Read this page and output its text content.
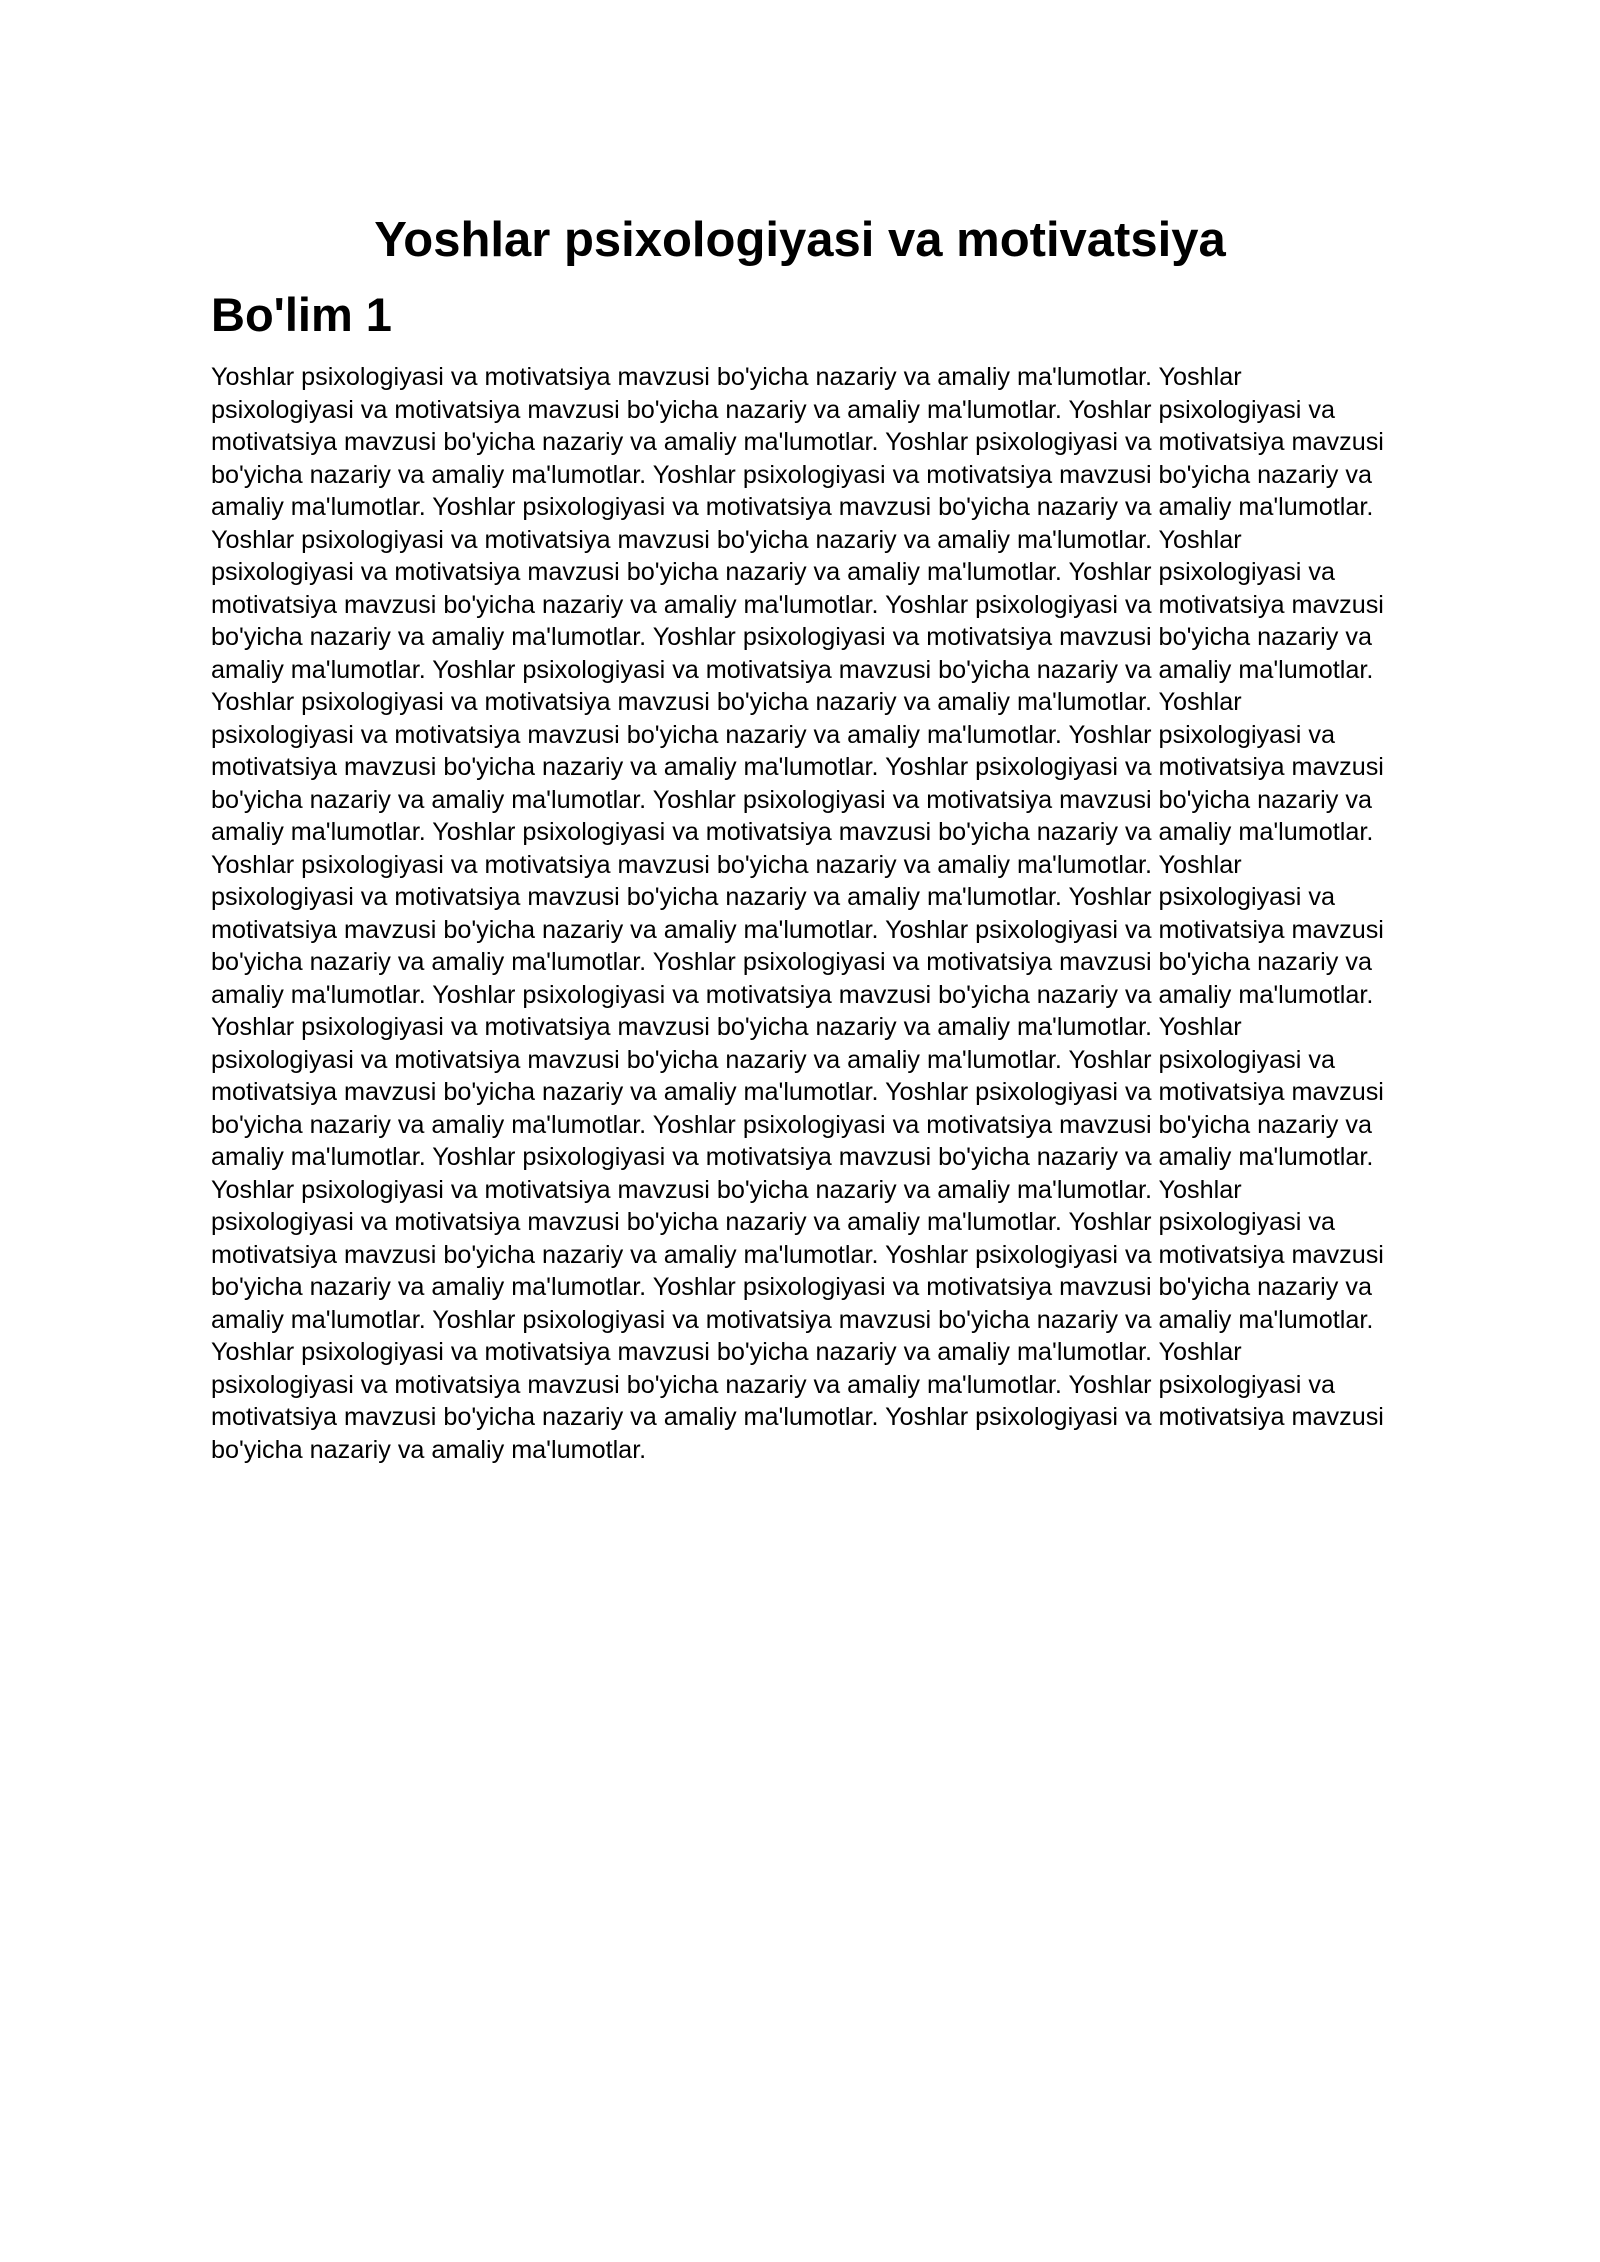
Yoshlar psixologiyasi va motivatsiya
Bo'lim 1

Yoshlar psixologiyasi va motivatsiya mavzusi bo'yicha nazariy va amaliy ma'lumotlar. Yoshlar psixologiyasi va motivatsiya mavzusi bo'yicha nazariy va amaliy ma'lumotlar. Yoshlar psixologiyasi va motivatsiya mavzusi bo'yicha nazariy va amaliy ma'lumotlar. Yoshlar psixologiyasi va motivatsiya mavzusi bo'yicha nazariy va amaliy ma'lumotlar. Yoshlar psixologiyasi va motivatsiya mavzusi bo'yicha nazariy va amaliy ma'lumotlar. Yoshlar psixologiyasi va motivatsiya mavzusi bo'yicha nazariy va amaliy ma'lumotlar. Yoshlar psixologiyasi va motivatsiya mavzusi bo'yicha nazariy va amaliy ma'lumotlar. Yoshlar psixologiyasi va motivatsiya mavzusi bo'yicha nazariy va amaliy ma'lumotlar. Yoshlar psixologiyasi va motivatsiya mavzusi bo'yicha nazariy va amaliy ma'lumotlar. Yoshlar psixologiyasi va motivatsiya mavzusi bo'yicha nazariy va amaliy ma'lumotlar. Yoshlar psixologiyasi va motivatsiya mavzusi bo'yicha nazariy va amaliy ma'lumotlar. Yoshlar psixologiyasi va motivatsiya mavzusi bo'yicha nazariy va amaliy ma'lumotlar. Yoshlar psixologiyasi va motivatsiya mavzusi bo'yicha nazariy va amaliy ma'lumotlar. Yoshlar psixologiyasi va motivatsiya mavzusi bo'yicha nazariy va amaliy ma'lumotlar. Yoshlar psixologiyasi va motivatsiya mavzusi bo'yicha nazariy va amaliy ma'lumotlar. Yoshlar psixologiyasi va motivatsiya mavzusi bo'yicha nazariy va amaliy ma'lumotlar. Yoshlar psixologiyasi va motivatsiya mavzusi bo'yicha nazariy va amaliy ma'lumotlar. Yoshlar psixologiyasi va motivatsiya mavzusi bo'yicha nazariy va amaliy ma'lumotlar. Yoshlar psixologiyasi va motivatsiya mavzusi bo'yicha nazariy va amaliy ma'lumotlar. Yoshlar psixologiyasi va motivatsiya mavzusi bo'yicha nazariy va amaliy ma'lumotlar. Yoshlar psixologiyasi va motivatsiya mavzusi bo'yicha nazariy va amaliy ma'lumotlar. Yoshlar psixologiyasi va motivatsiya mavzusi bo'yicha nazariy va amaliy ma'lumotlar. Yoshlar psixologiyasi va motivatsiya mavzusi bo'yicha nazariy va amaliy ma'lumotlar. Yoshlar psixologiyasi va motivatsiya mavzusi bo'yicha nazariy va amaliy ma'lumotlar. Yoshlar psixologiyasi va motivatsiya mavzusi bo'yicha nazariy va amaliy ma'lumotlar. Yoshlar psixologiyasi va motivatsiya mavzusi bo'yicha nazariy va amaliy ma'lumotlar. Yoshlar psixologiyasi va motivatsiya mavzusi bo'yicha nazariy va amaliy ma'lumotlar. Yoshlar psixologiyasi va motivatsiya mavzusi bo'yicha nazariy va amaliy ma'lumotlar. Yoshlar psixologiyasi va motivatsiya mavzusi bo'yicha nazariy va amaliy ma'lumotlar. Yoshlar psixologiyasi va motivatsiya mavzusi bo'yicha nazariy va amaliy ma'lumotlar. Yoshlar psixologiyasi va motivatsiya mavzusi bo'yicha nazariy va amaliy ma'lumotlar. Yoshlar psixologiyasi va motivatsiya mavzusi bo'yicha nazariy va amaliy ma'lumotlar. Yoshlar psixologiyasi va motivatsiya mavzusi bo'yicha nazariy va amaliy ma'lumotlar. Yoshlar psixologiyasi va motivatsiya mavzusi bo'yicha nazariy va amaliy ma'lumotlar. Yoshlar psixologiyasi va motivatsiya mavzusi bo'yicha nazariy va amaliy ma'lumotlar. Yoshlar psixologiyasi va motivatsiya mavzusi bo'yicha nazariy va amaliy ma'lumotlar. Yoshlar psixologiyasi va motivatsiya mavzusi bo'yicha nazariy va amaliy ma'lumotlar. Yoshlar psixologiyasi va motivatsiya mavzusi bo'yicha nazariy va amaliy ma'lumotlar. Yoshlar psixologiyasi va motivatsiya mavzusi bo'yicha nazariy va amaliy ma'lumotlar. Yoshlar psixologiyasi va motivatsiya mavzusi bo'yicha nazariy va amaliy ma'lumotlar.
